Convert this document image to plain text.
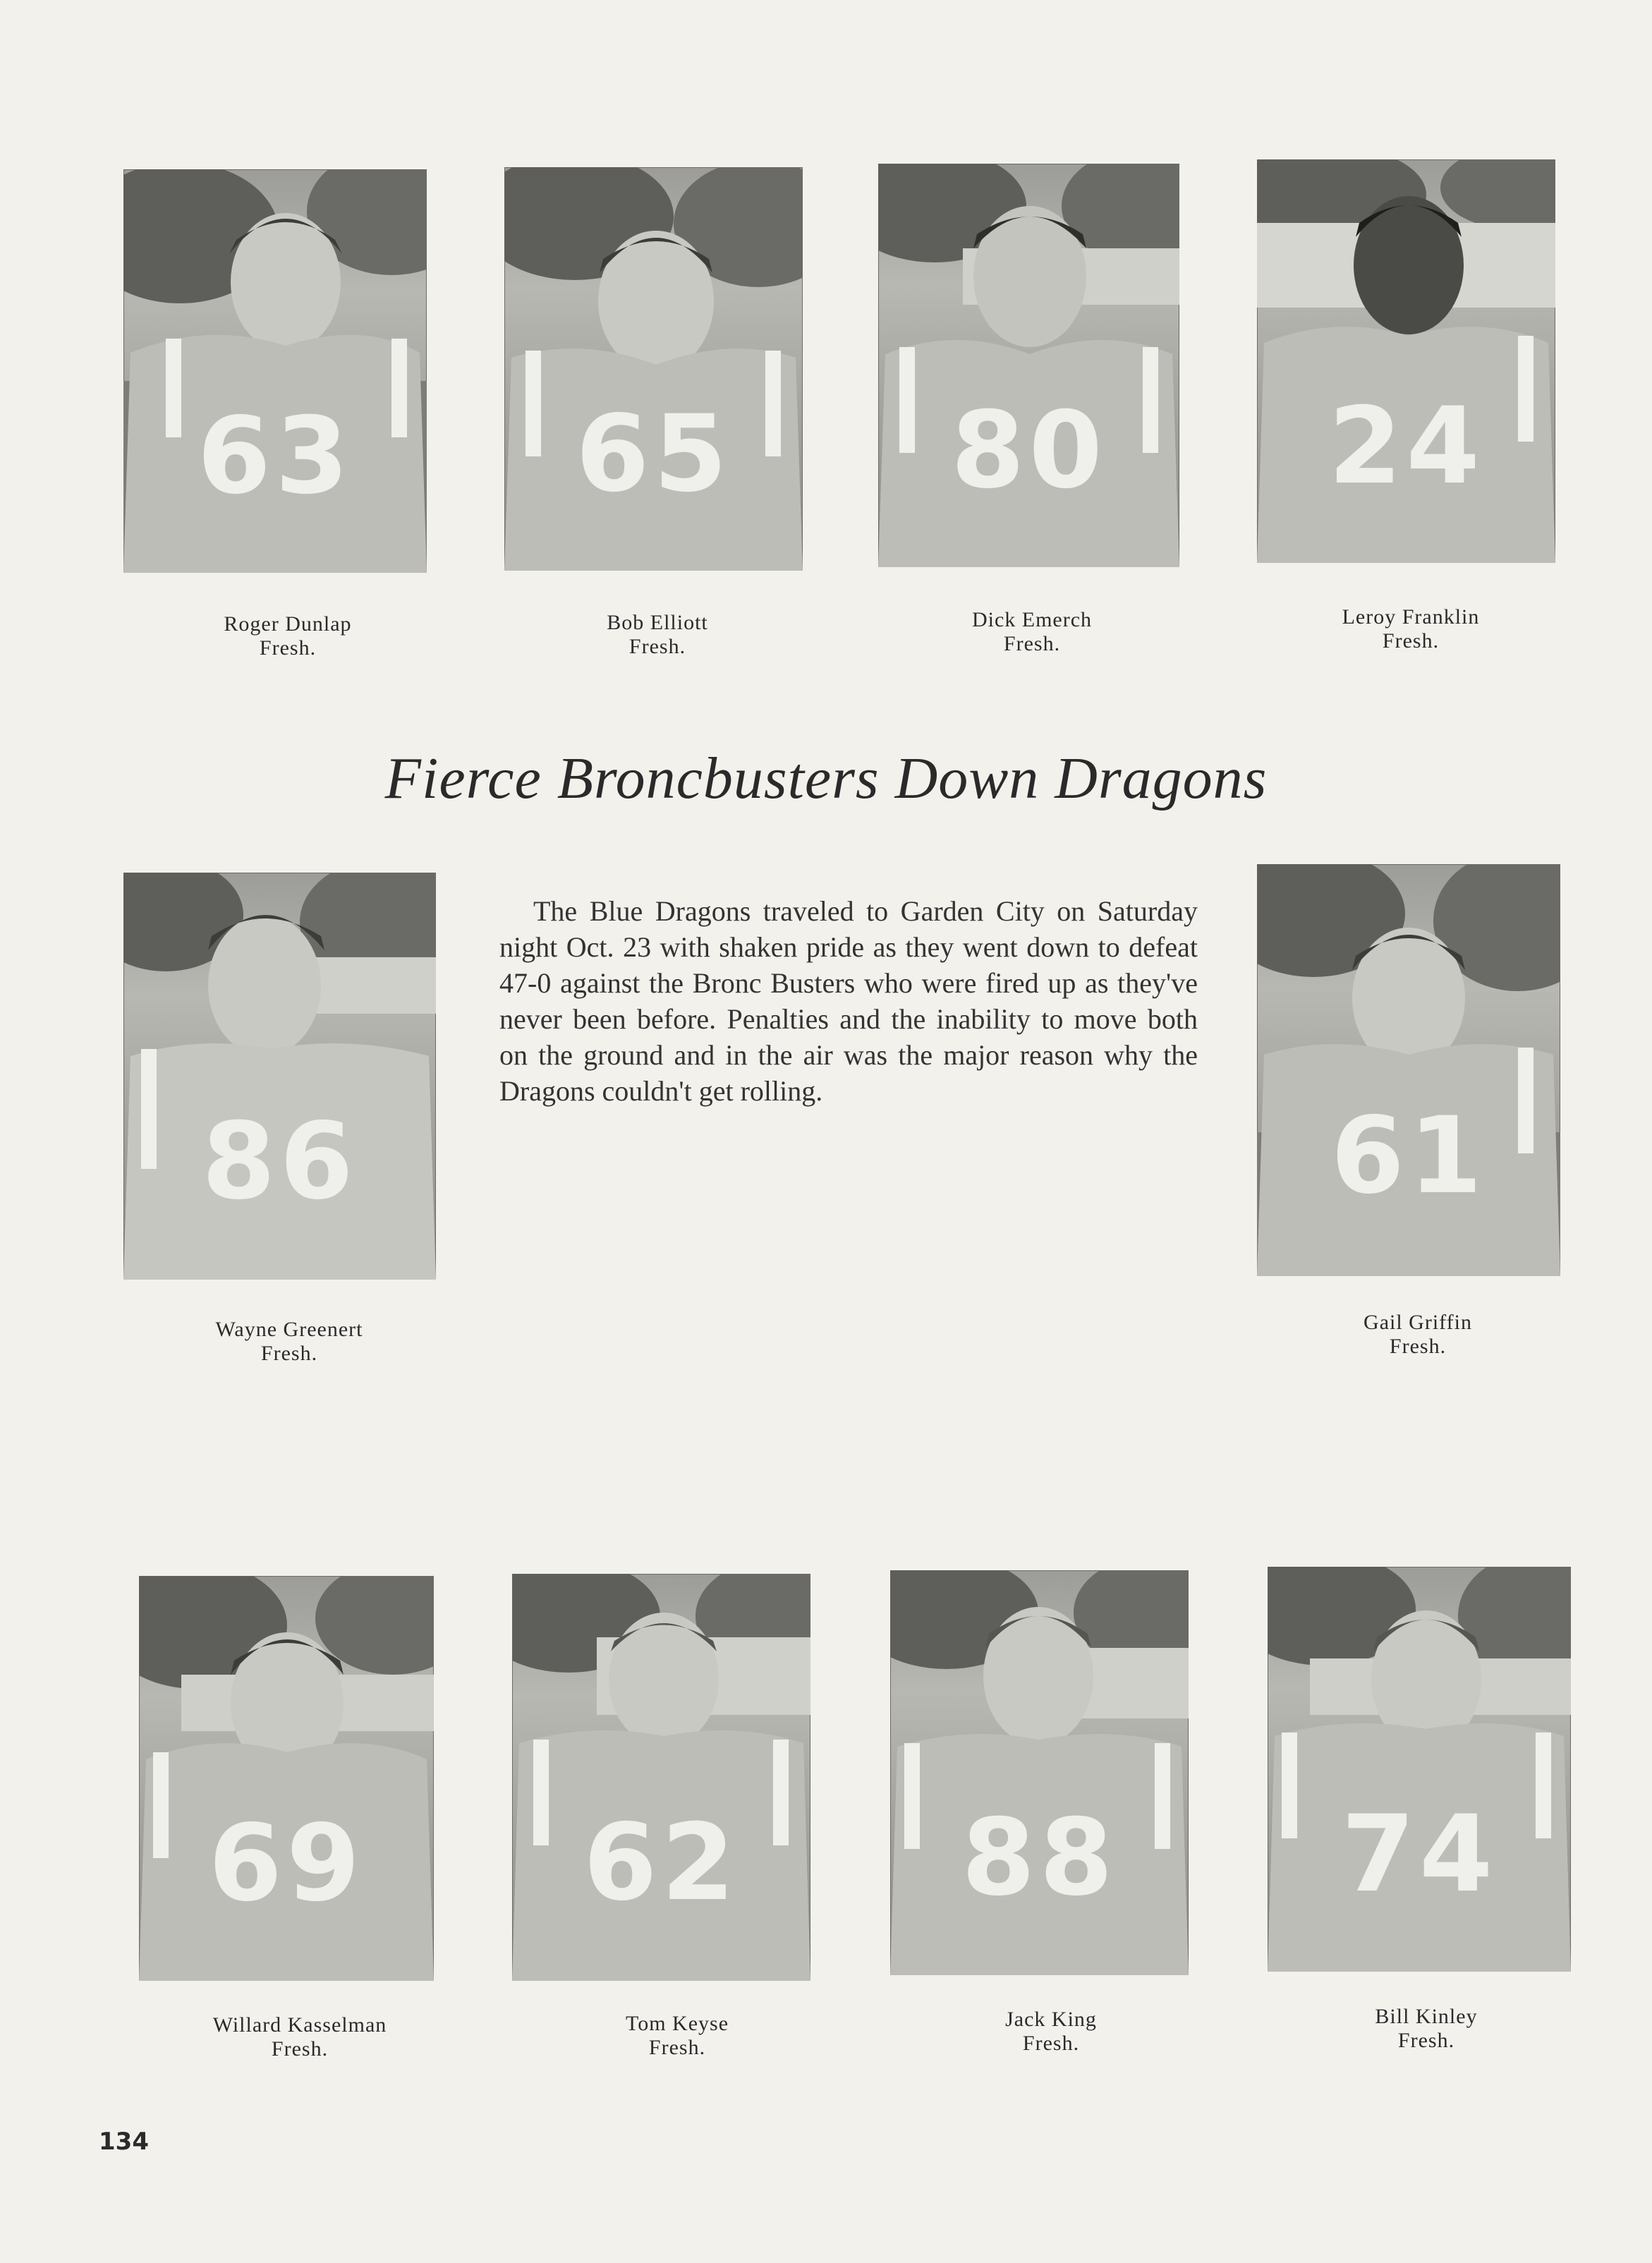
63	65	80	24
Roger Dunlap
Fresh.
Bob Elliott
Fresh.
Dick Emerch
Fresh.
Leroy Franklin
Fresh.
Fierce Broncbusters Down Dragons
86	61

The Blue Dragons traveled to Garden City on Saturday night Oct. 23 with shaken pride as they went down to defeat 47-0 against the Bronc Busters who were fired up as they've never been before. Penalties and the inability to move both on the ground and in the air was the major reason why the Dragons couldn't get rolling.

Wayne Greenert
Fresh.
Gail Griffin
Fresh.
69	62	88	74
Willard Kasselman
Fresh.
Tom Keyse
Fresh.
Jack King
Fresh.
Bill Kinley
Fresh.
134
